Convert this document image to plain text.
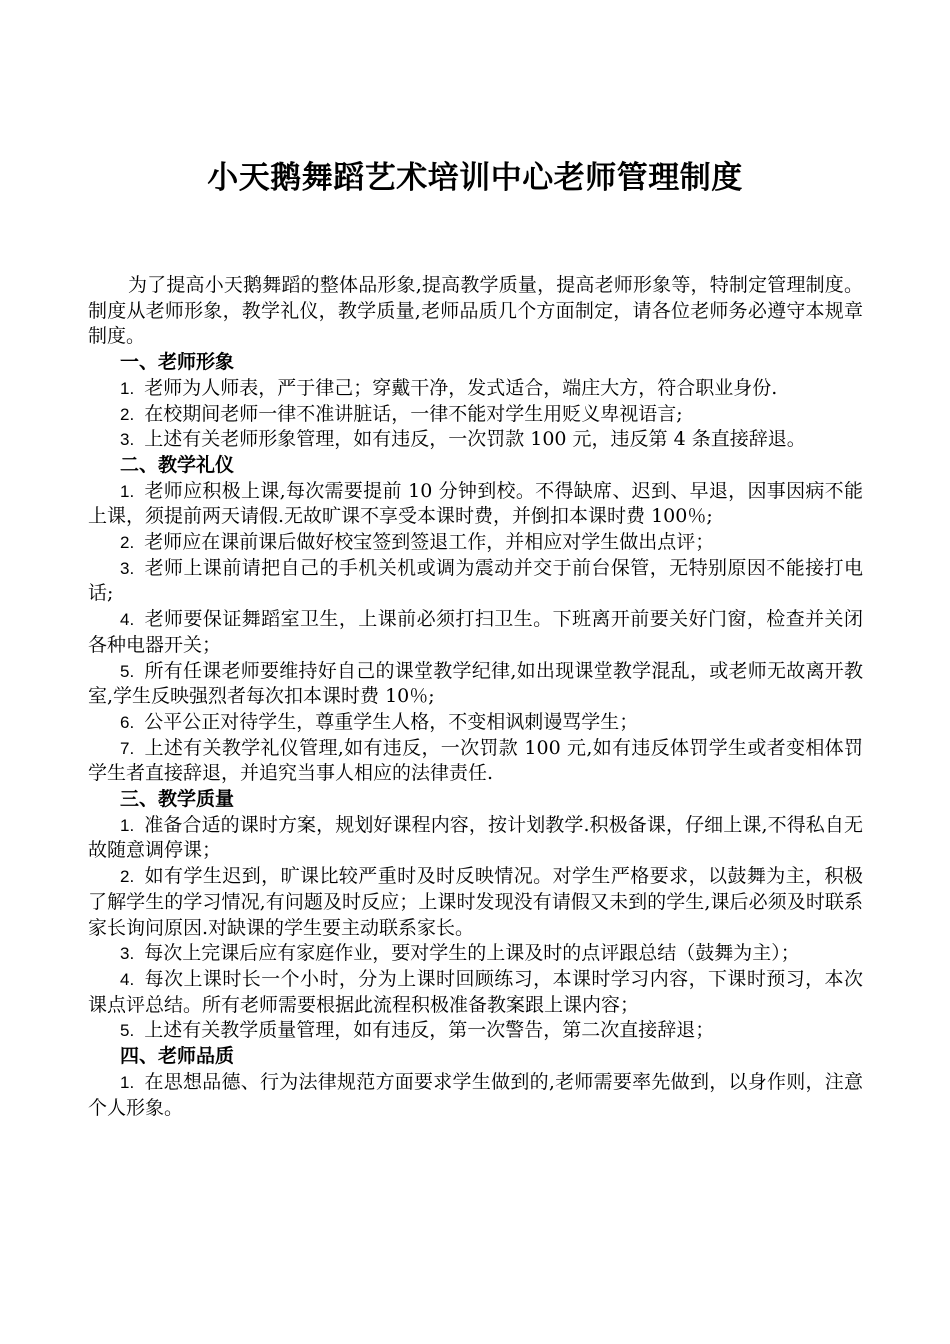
小天鹅舞蹈艺术培训中心老师管理制度

为了提高小天鹅舞蹈的整体品形象,提高教学质量，提高老师形象等，特制定管理制度。制度从老师形象，教学礼仪，教学质量,老师品质几个方面制定，请各位老师务必遵守本规章制度。

一、老师形象

1. 老师为人师表，严于律己；穿戴干净，发式适合，端庄大方，符合职业身份.

2. 在校期间老师一律不准讲脏话，一律不能对学生用贬义卑视语言;

3. 上述有关老师形象管理，如有违反，一次罚款 100 元，违反第 4 条直接辞退。

二、教学礼仪

1. 老师应积极上课,每次需要提前 10 分钟到校。不得缺席、迟到、早退，因事因病不能上课，须提前两天请假.无故旷课不享受本课时费，并倒扣本课时费 100％;

2. 老师应在课前课后做好校宝签到签退工作，并相应对学生做出点评；

3. 老师上课前请把自己的手机关机或调为震动并交于前台保管，无特别原因不能接打电话;

4. 老师要保证舞蹈室卫生，上课前必须打扫卫生。下班离开前要关好门窗，检查并关闭各种电器开关；

5. 所有任课老师要维持好自己的课堂教学纪律,如出现课堂教学混乱，或老师无故离开教室,学生反映强烈者每次扣本课时费 10％;

6. 公平公正对待学生，尊重学生人格，不变相讽刺谩骂学生；

7. 上述有关教学礼仪管理,如有违反，一次罚款 100 元,如有违反体罚学生或者变相体罚学生者直接辞退，并追究当事人相应的法律责任.

三、教学质量

1. 准备合适的课时方案，规划好课程内容，按计划教学.积极备课，仔细上课,不得私自无故随意调停课；

2. 如有学生迟到，旷课比较严重时及时反映情况。对学生严格要求，以鼓舞为主，积极了解学生的学习情况,有问题及时反应；上课时发现没有请假又未到的学生,课后必须及时联系家长询问原因.对缺课的学生要主动联系家长。

3. 每次上完课后应有家庭作业，要对学生的上课及时的点评跟总结（鼓舞为主）；

4. 每次上课时长一个小时，分为上课时回顾练习，本课时学习内容，下课时预习，本次课点评总结。所有老师需要根据此流程积极准备教案跟上课内容；

5. 上述有关教学质量管理，如有违反，第一次警告，第二次直接辞退；

四、老师品质

1. 在思想品德、行为法律规范方面要求学生做到的,老师需要率先做到，以身作则，注意个人形象。
